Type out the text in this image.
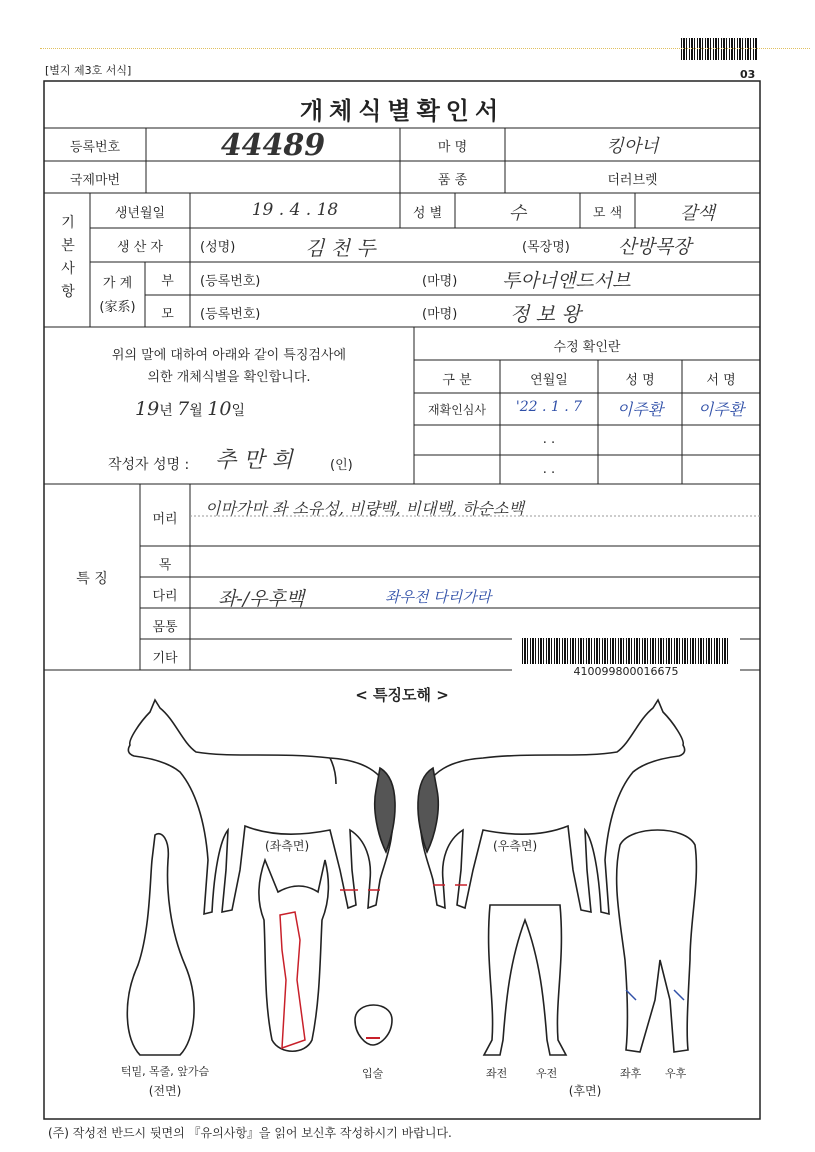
[별지 제3호 서식]	03
개체식별확인서
등록번호	44489	마 명	킹아너
국제마번	품 종	더러브렛
기본사항
생년월일	19 . 4 . 18	성 별	수	모 색	갈색
생 산 자	(성명)	김 천 두	(목장명)	산방목장
가 계
(家系)
부	(등록번호)	(마명) 투아너앤드서브
모	(등록번호)	(마명)	정 보 왕
위의 말에 대하여 아래와 같이 특징검사에
의한 개체식별을 확인합니다.
19년 7월 10일
작성자 성명 : 추 만 희	(인)
수정 확인란
구 분	연월일	성 명	서 명
재확인심사	'22 . 1 . 7	이주환	이주환
. .
. .
특 징
머리
이마가마 좌 소유성, 비량백, 비대백, 하순소백
목
다리	좌-/우후백	좌우전 다리가라
몸통
기타
410099800016675
< 특징도해 >
(좌측면)	(우측면)
턱밑, 목줄, 앞가슴
(전면)
입술	좌전	우전	좌후 우후
(후면)
(주) 작성전 반드시 뒷면의 『유의사항』을 읽어 보신후 작성하시기 바랍니다.
